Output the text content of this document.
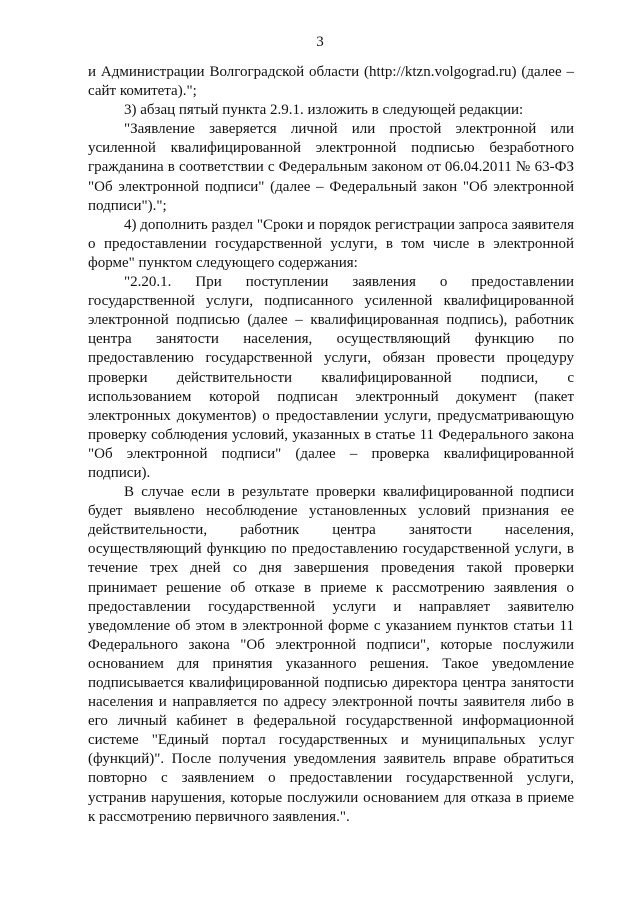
3

и Администрации Волгоградской области (http://ktzn.volgograd.ru) (далее – сайт комитета).";

3) абзац пятый пункта 2.9.1. изложить в следующей редакции:

"Заявление заверяется личной или простой электронной или усиленной квалифицированной электронной подписью безработного гражданина в соответствии с Федеральным законом от 06.04.2011 № 63-ФЗ "Об электронной подписи" (далее – Федеральный закон "Об электронной подписи").";

4) дополнить раздел "Сроки и порядок регистрации запроса заявителя о предоставлении государственной услуги, в том числе в электронной форме" пунктом следующего содержания:

"2.20.1. При поступлении заявления о предоставлении государственной услуги, подписанного усиленной квалифицированной электронной подписью (далее – квалифицированная подпись), работник центра занятости населения, осуществляющий функцию по предоставлению государственной услуги, обязан провести процедуру проверки действительности квалифицированной подписи, с использованием которой подписан электронный документ (пакет электронных документов) о предоставлении услуги, предусматривающую проверку соблюдения условий, указанных в статье 11 Федерального закона "Об электронной подписи" (далее – проверка квалифицированной подписи).

В случае если в результате проверки квалифицированной подписи будет выявлено несоблюдение установленных условий признания ее действительности, работник центра занятости населения, осуществляющий функцию по предоставлению государственной услуги, в течение трех дней со дня завершения проведения такой проверки принимает решение об отказе в приеме к рассмотрению заявления о предоставлении государственной услуги и направляет заявителю уведомление об этом в электронной форме с указанием пунктов статьи 11 Федерального закона "Об электронной подписи", которые послужили основанием для принятия указанного решения. Такое уведомление подписывается квалифицированной подписью директора центра занятости населения и направляется по адресу электронной почты заявителя либо в его личный кабинет в федеральной государственной информационной системе "Единый портал государственных и муниципальных услуг (функций)". После получения уведомления заявитель вправе обратиться повторно с заявлением о предоставлении государственной услуги, устранив нарушения, которые послужили основанием для отказа в приеме к рассмотрению первичного заявления.".
